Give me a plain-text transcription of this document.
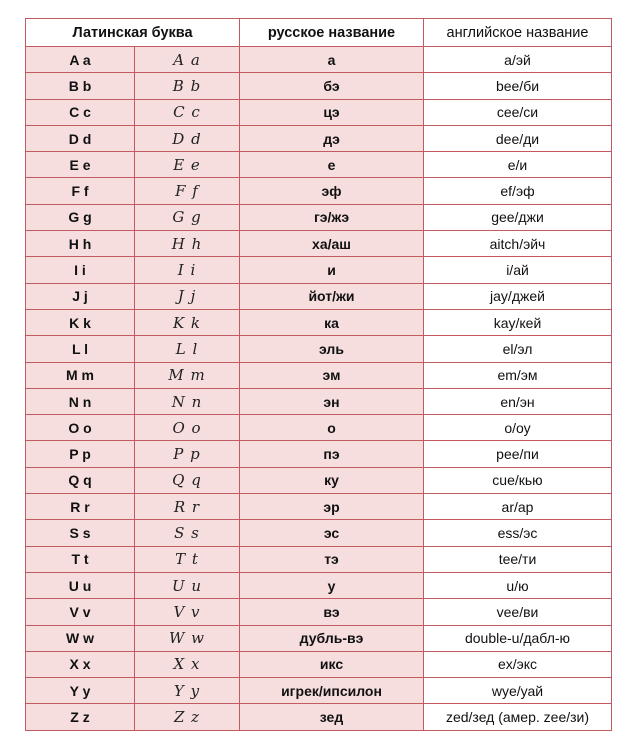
Латинская буква		русское название	английское название
A a	A a	а	a/эй
B b	B b	бэ	bee/би
C c	C c	цэ	cee/си
D d	D d	дэ	dee/ди
E e	E e	е	e/и
F f	F f	эф	ef/эф
G g	G g	гэ/жэ	gee/джи
H h	H h	ха/аш	aitch/эйч
I i	I i	и	i/ай
J j	J j	йот/жи	jay/джей
K k	K k	ка	kay/кей
L l	L l	эль	el/эл
M m	M m	эм	em/эм
N n	N n	эн	en/эн
O o	O o	о	o/оу
P p	P p	пэ	pee/пи
Q q	Q q	ку	cue/кью
R r	R r	эр	ar/ар
S s	S s	эс	ess/эс
T t	T t	тэ	tee/ти
U u	U u	у	u/ю
V v	V v	вэ	vee/ви
W w	W w	дубль-вэ	double-u/дабл-ю
X x	X x	икс	ex/экс
Y y	Y y	игрек/ипсилон	wye/уай
Z z	Z z	зед	zed/зед (амер. zee/зи)
